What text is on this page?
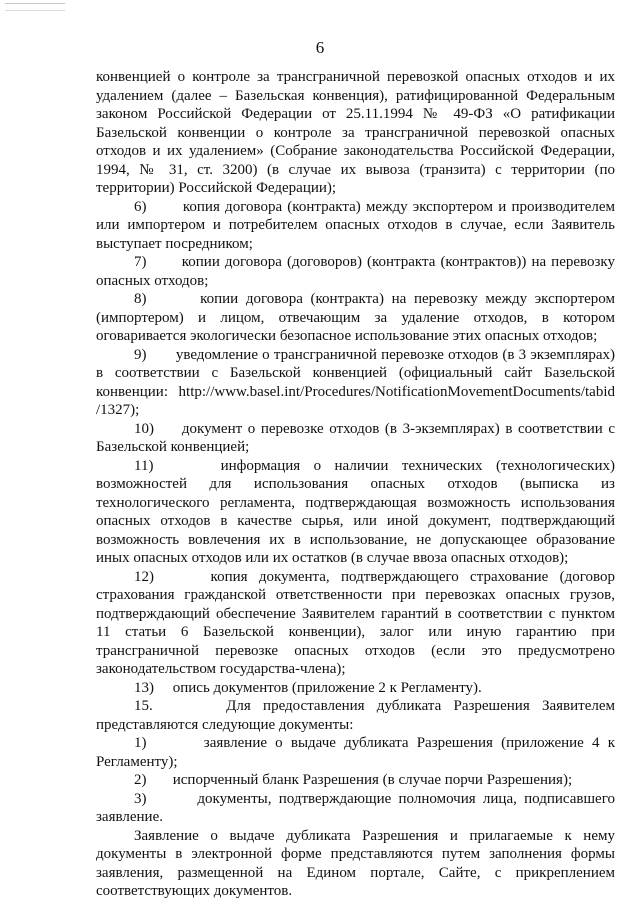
6

конвенцией о контроле за трансграничной перевозкой опасных отходов и их удалением (далее – Базельская конвенция), ратифицированной Федеральным законом Российской Федерации от 25.11.1994 № 49-ФЗ «О ратификации Базельской конвенции о контроле за трансграничной перевозкой опасных отходов и их удалением» (Собрание законодательства Российской Федерации, 1994, № 31, ст. 3200) (в случае их вывоза (транзита) с территории (по территории) Российской Федерации);

6)       копия договора (контракта) между экспортером и производителем или импортером и потребителем опасных отходов в случае, если Заявитель выступает посредником;

7)       копии договора (договоров) (контракта (контрактов)) на перевозку опасных отходов;

8)       копии договора (контракта) на перевозку между экспортером (импортером) и лицом, отвечающим за удаление отходов, в котором оговаривается экологически безопасное использование этих опасных отходов;

9)       уведомление о трансграничной перевозке отходов (в 3 экземплярах) в соответствии с Базельской конвенцией (официальный сайт Базельской конвенции: http://www.basel.int/Procedures/NotificationMovementDocuments/tabid /1327);

10)     документ о перевозке отходов (в 3-экземплярах) в соответствии с Базельской конвенцией;

11)     информация о наличии технических (технологических) возможностей для использования опасных отходов (выписка из технологического регламента, подтверждающая возможность использования опасных отходов в качестве сырья, или иной документ, подтверждающий возможность вовлечения их в использование, не допускающее образование иных опасных отходов или их остатков (в случае ввоза опасных отходов);

12)     копия документа, подтверждающего страхование (договор страхования гражданской ответственности при перевозках опасных грузов, подтверждающий обеспечение Заявителем гарантий в соответствии с пунктом 11 статьи 6 Базельской конвенции), залог или иную гарантию при трансграничной перевозке опасных отходов (если это предусмотрено законодательством государства-члена);

13)     опись документов (приложение 2 к Регламенту).

15.      Для предоставления дубликата Разрешения Заявителем представляются следующие документы:

1)       заявление о выдаче дубликата Разрешения (приложение 4 к Регламенту);

2)       испорченный бланк Разрешения (в случае порчи Разрешения);

3)       документы, подтверждающие полномочия лица, подписавшего заявление.

Заявление о выдаче дубликата Разрешения и прилагаемые к нему документы в электронной форме представляются путем заполнения формы заявления, размещенной на Едином портале, Сайте, с прикреплением соответствующих документов.
